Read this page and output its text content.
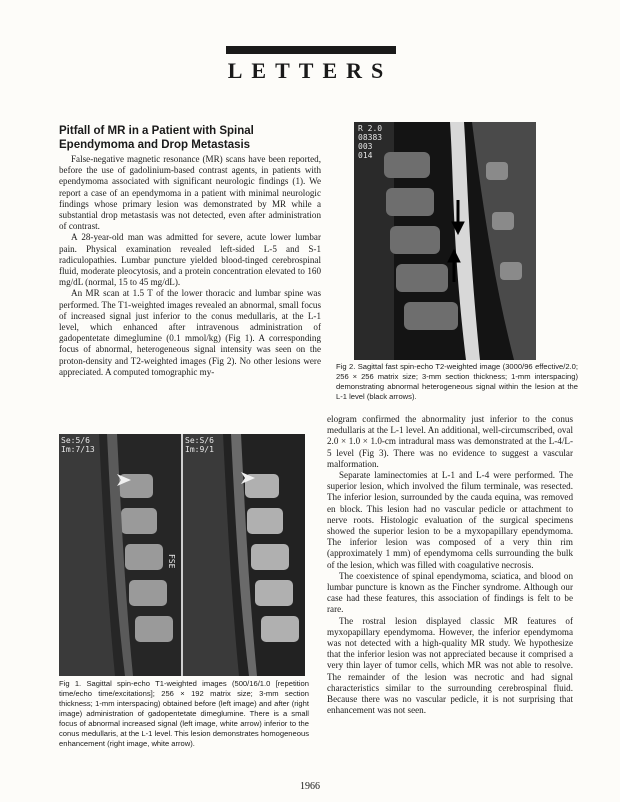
LETTERS
Pitfall of MR in a Patient with Spinal Ependymoma and Drop Metastasis

False-negative magnetic resonance (MR) scans have been reported, before the use of gadolinium-based contrast agents, in patients with ependymoma associated with significant neurologic findings (1). We report a case of an ependymoma in a patient with minimal neurologic findings whose primary lesion was demonstrated by MR while a substantial drop metastasis was not detected, even after administration of contrast.

A 28-year-old man was admitted for severe, acute lower lumbar pain. Physical examination revealed left-sided L-5 and S-1 radiculopathies. Lumbar puncture yielded blood-tinged cerebrospinal fluid, moderate pleocytosis, and a protein concentration elevated to 160 mg/dL (normal, 15 to 45 mg/dL).

An MR scan at 1.5 T of the lower thoracic and lumbar spine was performed. The T1-weighted images revealed an abnormal, small focus of increased signal just inferior to the conus medullaris, at the L-1 level, which enhanced after intravenous administration of gadopentetate dimeglumine (0.1 mmol/kg) (Fig 1). A corresponding focus of abnormal, heterogeneous signal intensity was seen on the proton-density and T2-weighted images (Fig 2). No other lesions were appreciated. A computed tomographic my-

R 2.0
08383
003
014
Fig 2. Sagittal fast spin-echo T2-weighted image (3000/96 effective/2.0; 256 × 256 matrix size; 3-mm section thickness; 1-mm interspacing) demonstrating abnormal heterogeneous signal within the lesion at the L-1 level (black arrows).
Se:5/6
Im:7/13
FSE
Se:S/6
Im:9/1
Fig 1. Sagittal spin-echo T1-weighted images (500/16/1.0 [repetition time/echo time/excitations]; 256 × 192 matrix size; 3-mm section thickness; 1-mm interspacing) obtained before (left image) and after (right image) administration of gadopentetate dimeglumine. There is a small focus of abnormal increased signal (left image, white arrow) inferior to the conus medullaris, at the L-1 level. This lesion demonstrates homogeneous enhancement (right image, white arrow).

elogram confirmed the abnormality just inferior to the conus medullaris at the L-1 level. An additional, well-circumscribed, oval 2.0 × 1.0 × 1.0-cm intradural mass was demonstrated at the L-4/L-5 level (Fig 3). There was no evidence to suggest a vascular malformation.

Separate laminectomies at L-1 and L-4 were performed. The superior lesion, which involved the filum terminale, was resected. The inferior lesion, surrounded by the cauda equina, was removed en block. This lesion had no vascular pedicle or attachment to nerve roots. Histologic evaluation of the surgical specimens showed the superior lesion to be a myxopapillary ependymoma. The inferior lesion was composed of a very thin rim (approximately 1 mm) of ependymoma cells surrounding the bulk of the lesion, which was filled with coagulative necrosis.

The coexistence of spinal ependymoma, sciatica, and blood on lumbar puncture is known as the Fincher syndrome. Although our case had these features, this association of findings is felt to be rare.

The rostral lesion displayed classic MR features of myxopapillary ependymoma. However, the inferior ependymoma was not detected with a high-quality MR study. We hypothesize that the inferior lesion was not appreciated because it comprised a very thin layer of tumor cells, which MR was not able to resolve. The remainder of the lesion was necrotic and had signal characteristics similar to the surrounding cerebrospinal fluid. Because there was no vascular pedicle, it is not surprising that enhancement was not seen.

1966
